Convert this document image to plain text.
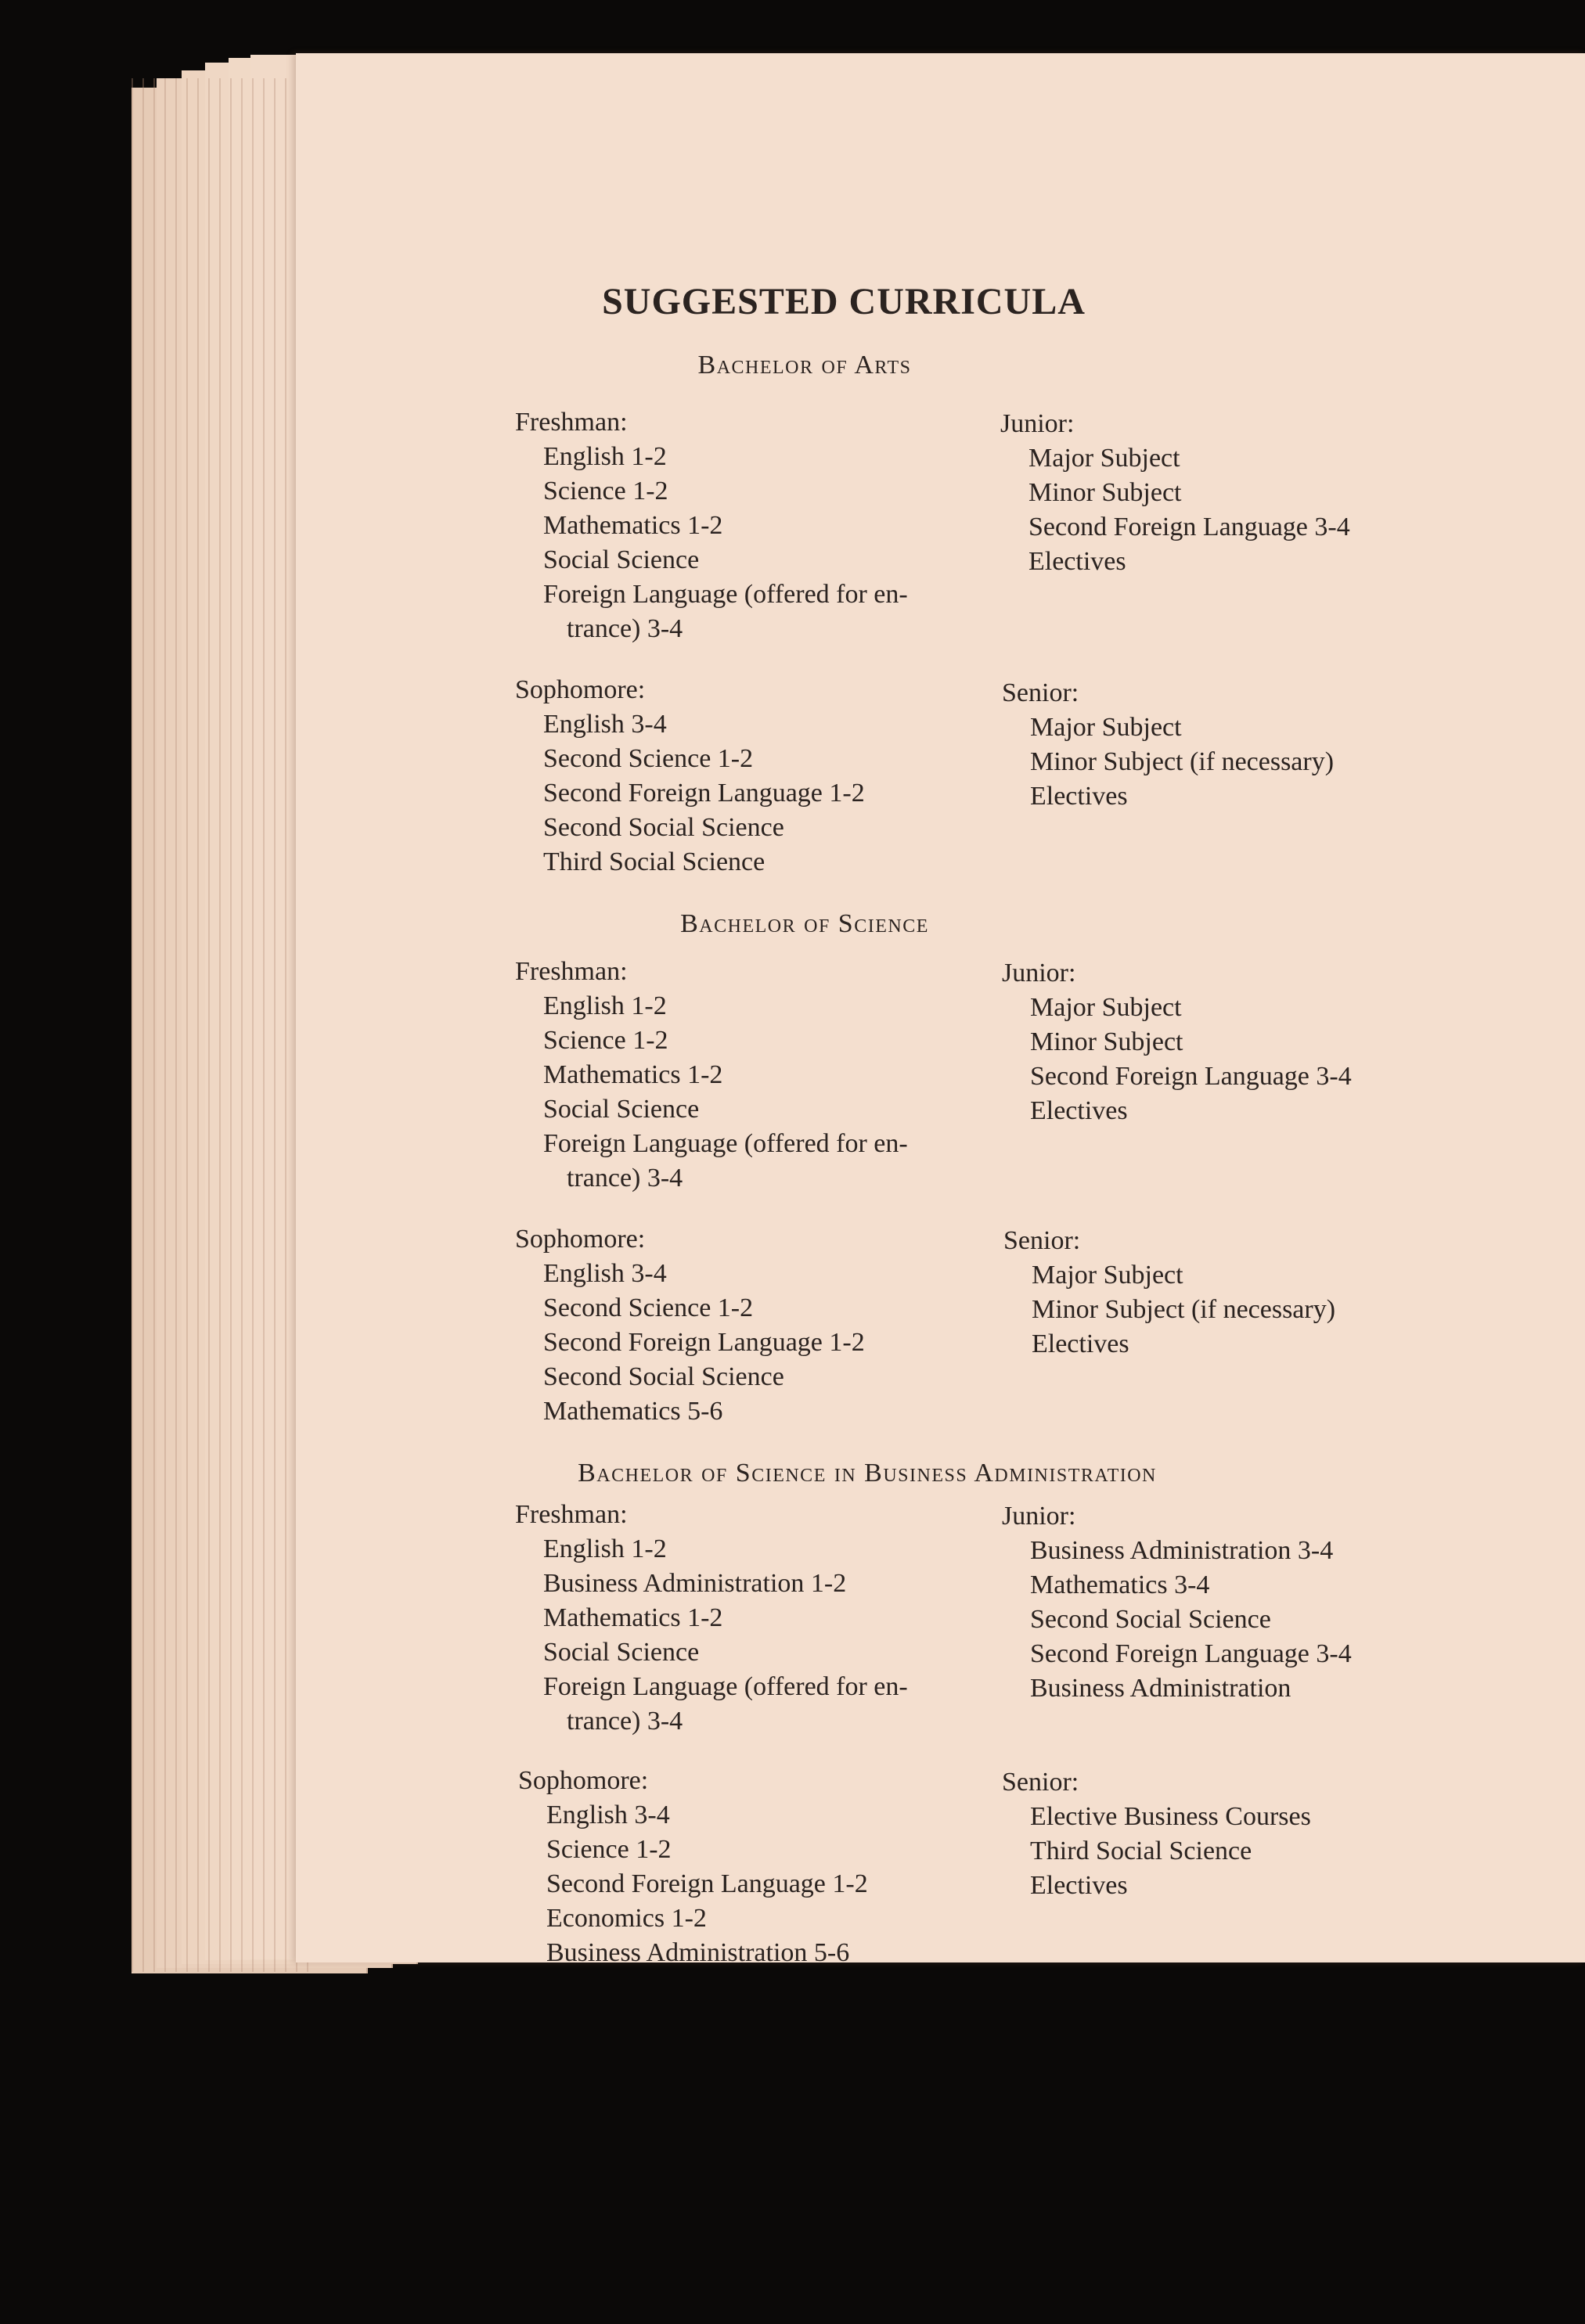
SUGGESTED CURRICULA
Bachelor of Arts
Freshman:
English 1-2
Science 1-2
Mathematics 1-2
Social Science
Foreign Language (offered for en-
trance) 3-4
Junior:
Major Subject
Minor Subject
Second Foreign Language 3-4
Electives
Sophomore:
English 3-4
Second Science 1-2
Second Foreign Language 1-2
Second Social Science
Third Social Science
Senior:
Major Subject
Minor Subject (if necessary)
Electives
Bachelor of Science
Freshman:
English 1-2
Science 1-2
Mathematics 1-2
Social Science
Foreign Language (offered for en-
trance) 3-4
Junior:
Major Subject
Minor Subject
Second Foreign Language 3-4
Electives
Sophomore:
English 3-4
Second Science 1-2
Second Foreign Language 1-2
Second Social Science
Mathematics 5-6
Senior:
Major Subject
Minor Subject (if necessary)
Electives
Bachelor of Science in Business Administration
Freshman:
English 1-2
Business Administration 1-2
Mathematics 1-2
Social Science
Foreign Language (offered for en-
trance) 3-4
Junior:
Business Administration 3-4
Mathematics 3-4
Second Social Science
Second Foreign Language 3-4
Business Administration
Sophomore:
English 3-4
Science 1-2
Second Foreign Language 1-2
Economics 1-2
Business Administration 5-6
Senior:
Elective Business Courses
Third Social Science
Electives
